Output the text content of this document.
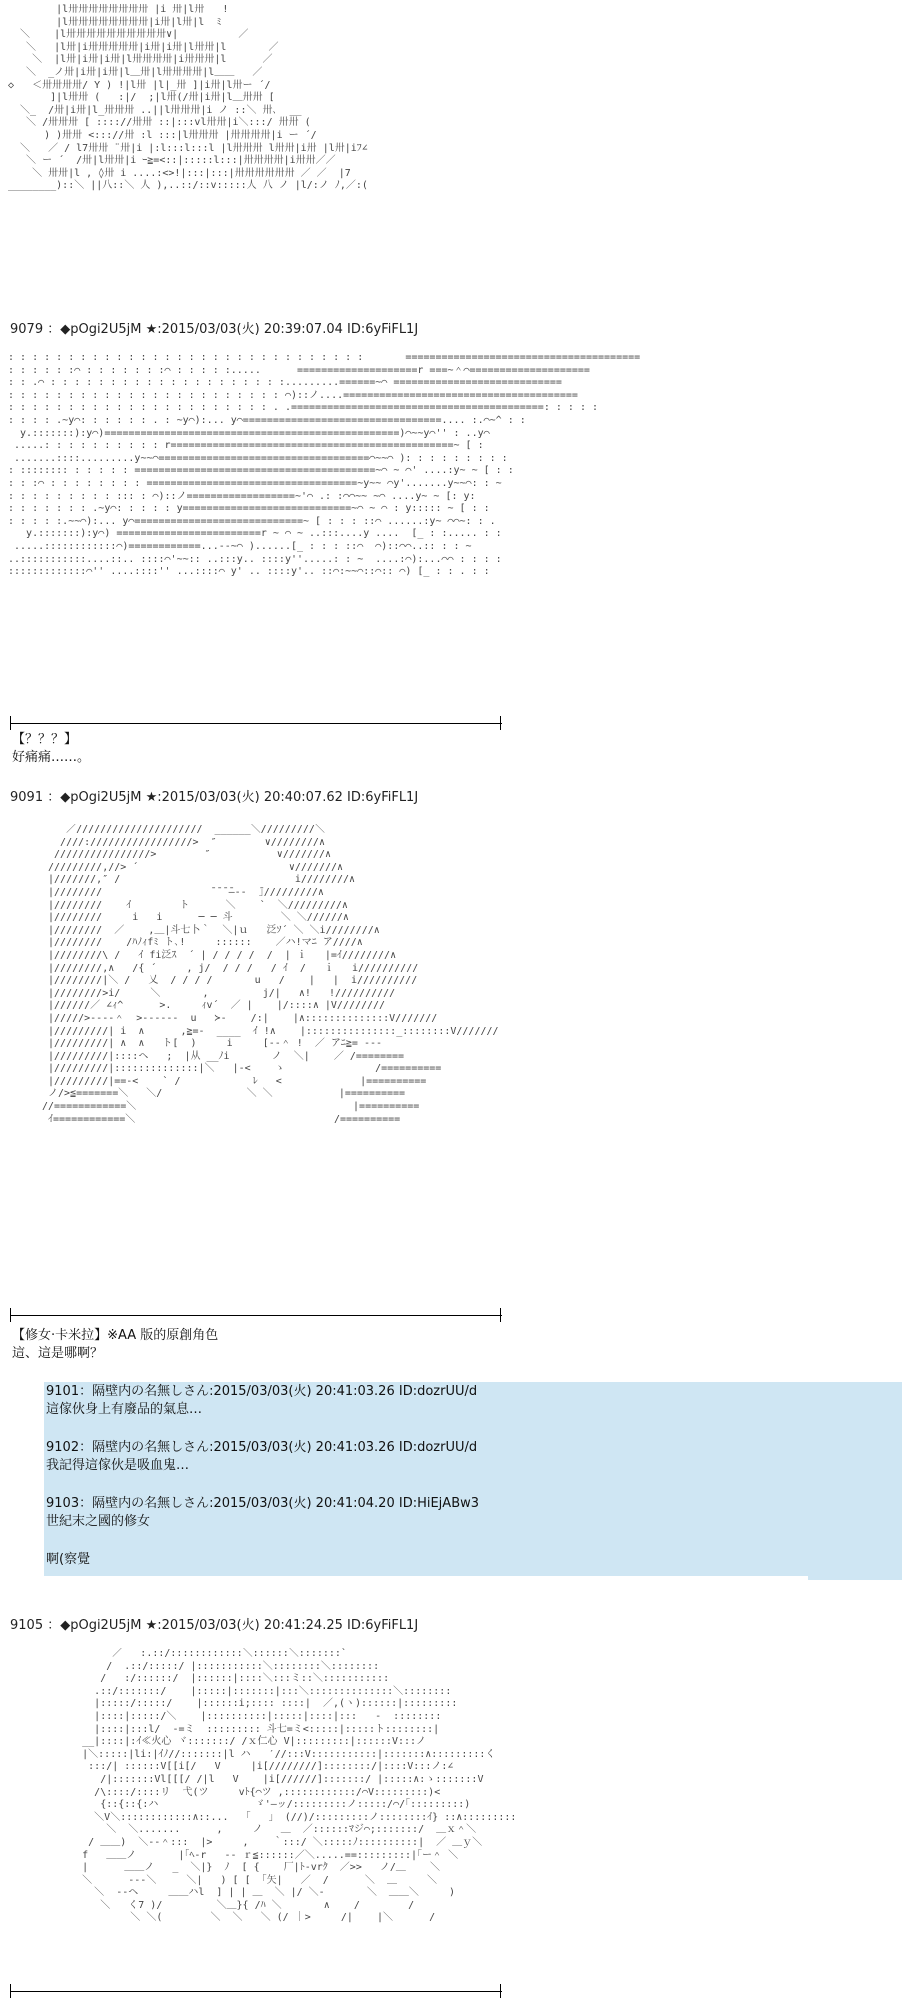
|l卅卅卅卅卅卅卅卅 |i 卅|l卅   !
|l卅卅卅卅卅卅卅卅|i卅|l卅|l  ﾐ
＼    |l卅卅卅卅卅卅卅卅卅卅∨|          ／
＼   |l卅|i卅卅卅卅卅|i卅|i卅|l卅卅|l       ／
＼  |l卅|i卅|i卅|l卅卅卅卅|i卅卅卅|l      ／
＼  _ノ卅|i卅|i卅|l＿卅|l卅卅卅卅|l＿＿   ／
◇   ＜卅卅卅卅/ Y ) !|l卅 |l|_卅 ]|i卅|l卅ー ´/
]|l卅卅 (   :|/  ;|l卅(/卅|i卅|l＿卅卅 [
＼_  /卅|i卅|l_卅卅卅 ..||l卅卅卅|i ノ ::＼ 卅､  __
＼ /卅卅卅 [ :::://卅卅 ::|:::vl卅卅|i＼:::/ 卅卅 (
) )卅卅 <::://卅 :l :::|l卅卅卅 |卅卅卅卅|i ー ´/
＼   ／ / l7卅卅 ¨卅|i |:l:::l:::l |l卅卅卅 l卅卅|i卅 |l卅|iﾌ∠
＼ ー ´  /卅|l卅卅|i ｰ≧=<::|:::::l:::|卅卅卅卅|i卅卅／／
＼ 卅卅|l , ◊卅 i ....:<>!|:::|:::|卅卅卅卅卅卅 ／ ／  |7
________)::＼ ||八::＼ 人 ),..::/::v:::::人 八 ノ |l/:ノ ﾉ,／:(
9079 ：◆pOgi2U5jM ★:2015/03/03(火) 20:39:07.04 ID:6yFiFL1J
: : : : : : : : : : : : : : : : : : : : : : : : : : : : : :       =======================================
: : : : : :⌒ : : : : : : :⌒ : : : : :.....      ====================r ===~＾⌒====================
: : .⌒ : : : : : : : : : : : : : : : : : : : :.........======~⌒ ============================
: : : : : : : : : : : : : : : : : : : : : : : ⌒)::ノ....=======================================
: : : : : : : : : : : : : : : : : : : : : : . .==========================================: : : : :
: : : : .~y⌒: : : : : : . : ~y⌒):... y⌒=================================.... :.⌒~^ : :
y.:::::::):y⌒)=================================================)⌒~~y⌒'' : ..y⌒
.....: : : : : : : : : : r===============================================~ [ :
.......::::.........y~~⌒===================================⌒~~⌒ ): : : : : : : : :
: :::::::: : : : : : ========================================~⌒ ~ ⌒' ....:y~ ~ [ : :
: : :⌒ : : : : : : : : ===================================~y~~ ⌒y'.......y~~⌒: : ~
: : : : : : : : : ::: : ⌒)::ノ==================~'⌒ .: :⌒⌒~~ ~⌒ ....y~ ~ [: y:
: : : : : : : .~y⌒: : : : : y============================~⌒ ~ ⌒ : y::::: ~ [ : :
: : : : :.~~⌒):... y⌒============================~ [ : : : ::⌒ ......:y~ ⌒⌒~: : .
y.:::::::):y⌒) ========================r ~ ⌒ ~ ..:::....y ....  [_ : :..... : :
.....::::::::::::⌒)============...--~⌒ )......[_ : : : ::⌒  ⌒)::⌒⌒..:: : : ~
..:::::::::::....::.. ::::⌒'~~:: ..:::y.. ::::y''.....: : ~  ....:⌒):...⌒⌒ : : : :
:::::::::::::⌒'' ....::::'' ...::::⌒ y' .. ::::y'.. ::⌒:~~⌒::⌒:: ⌒) [_ : : . : :
【？？？】
好痛痛……。
9091 ：◆pOgi2U5jM ★:2015/03/03(火) 20:40:07.62 ID:6yFiFL1J
／/////////////////////  ______＼/////////＼
////://///////////////>  ″        ∨////////∧
////////////////>        ″           ∨///////∧
/////////,//> ´                         ∨///////∧
|///////,″ /                             i////////∧
|////////                  ̄ ̄ ̄ ̄―--  ̄｣/////////∧
|////////    ｲ        ト      ＼    `  ＼/////////∧
|////////     i   i      ─ ─ 斗        ＼ ＼//////∧
|////////  ／    ,＿|斗七卜｀  ＼|ｕ   泛ｿ´ ＼ ＼i////////∧
|////////    /ﾊﾉｨfﾐ ト､!     ::::::    ／ハ!マﾆ ア////∧
|////////\ /   ｲ fi泛ｽ  ´ | / / / /  /  | ｉ   |=ｲ////////∧
|////////,∧   /{ ´     , j/  / / /   / ｲ  /   ｉ   i//////////
|////////|＼ /   乂  / / / /       u   /    |   |  i//////////
|////////>i/     ＼       ,         j/|   ∧!   !//////////
|//////／ ∠ｨ^      >.     ｨv´  ／ |    |/::::∧ |V////////
|/////>----＾  >-----‐  u   ≻-    /:|    |∧::::::::::::::V///////
|/////////| i  ∧      ,≧=-  ____  ｲ !∧    |:::::::::::::::_::::::::V///////
|/////////| ∧  ∧   ト[  )     i     [--＾ !  ／ アﾆ≧= ---
|/////////|::::ヘ   ;  |从 __ﾉi       ノ  ＼|    ／ /========
|/////////|::::::::::::::|＼   |-<    ゝ               /==========
|/////////|==-<    ` /            ﾚ   <             |==========
ノ/>≦=======＼   ＼/              ＼ ＼           |==========
//============＼                                    |==========
ｲ============＼                                 /==========
【修女‧卡米拉】※AA 版的原創角色
這、這是哪啊？
9101：隔壁内の名無しさん:2015/03/03(火) 20:41:03.26 ID:dozrUU/d
這傢伙身上有廢品的氣息…
9102：隔壁内の名無しさん:2015/03/03(火) 20:41:03.26 ID:dozrUU/d
我記得這傢伙是吸血鬼…
9103：隔壁内の名無しさん:2015/03/03(火) 20:41:04.20 ID:HiEjABw3
世紀末之國的修女
啊(察覺
9105 ：◆pOgi2U5jM ★:2015/03/03(火) 20:41:24.25 ID:6yFiFL1J
／   :.::/::::::::::::＼::::::＼:::::::`
/  .::/:::::/ |:::::::::::＼::::::::＼::::::::
/   :/::::::/  |::::::|::::＼:::ミ::＼:::::::::::
.::/:::::::/    |:::::|:::::::|:::＼::::::::::::::＼::::::::
|:::::/:::::/    |::::::i;:::: ::::|  ／,(ヽ)::::::|:::::::::
|::::|:::::/＼    |::::::::::|:::::|::::|:::   -  ::::::::
|::::|:::l/  -=ミ  ::::::::: 斗七=ミ<:::::|:::::ト::::::::|
__|::::|:ｲ≪火心 ヾ:::::::/ /ｘ仁心 V|:::::::::|::::::V:::ノ
|＼:::::|li:|ｲﾉ//:::::::|l ハ   ′//:::V:::::::::::|:::::::∧:::::::::く
:::/| ::::::V[[i[/   V     |i[////////]::::::::/|::::V:::ノ:∠
/|:::::::Vl[[[/ /|l   V    |i[//////]:::::::/ |:::::∧:ゝ:::::::V
/\::::/::::リ  弋(ツ     vﾄ{⌒ツ ,::::::::::::/⌒V:::::::::)<
{::{::{:ハ                ゞ'―ッ/:::::::::ノ:::::/⌒/｢:::::::::)
＼V＼::::::::::::∧::...  「   」 (//)/:::::::::ノ::::::::ｲ} ::∧:::::::::
＼  ＼.......      ,     ノ   ＿  ／::::::ﾏジ⌒;:::::::/  ＿ｘ＾＼
/ ＿＿)  ＼--＾:::  |>     ,    ｀:::/ ＼:::::ﾉ::::::::::|  ／ ＿ｙ＼
f   ＿＿ノ       |｢ﾍ-r   -- ｒ≦::::::／＼.....==:::::::::|｢ー＾ ＼
|      ＿＿ノ   _  ＼|}  ﾉ  [ {    厂|ﾄ-vrｸ  ／>>   ノ/＿    ＼
＼      ---＼     ＼|   ) [ [ 「矢|   ／  /      ＼  ＿     ＼
＼  --ヘ     ＿＿ハl  ] | | ＿  ＼ |/ ＼-       ＼  ＿＿＼     )
＼   く7 )/         ＼＿}{ /ﾊ ＼       ∧    /        /
＼ ＼(        ＼  ＼   ＼ (/ ｜>     /|    |＼      /
